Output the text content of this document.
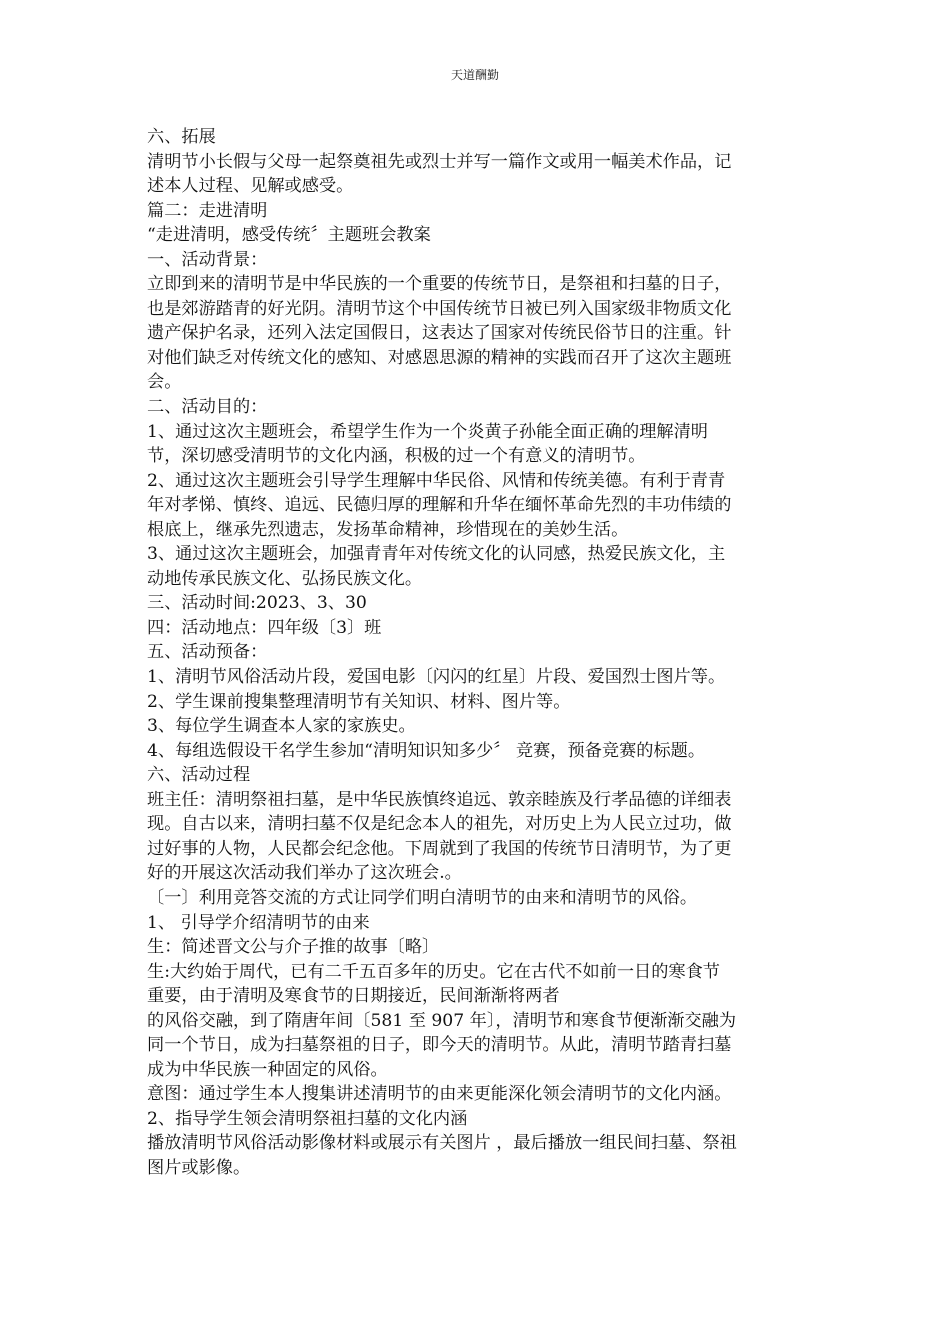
天道酬勤
六、拓展
清明节小长假与父母一起祭奠祖先或烈士并写一篇作文或用一幅美术作品，记
述本人过程、见解或感受。
篇二：走进清明
“走进清明，感受传统〞主题班会教案
一、活动背景：
立即到来的清明节是中华民族的一个重要的传统节日，是祭祖和扫墓的日子，
也是郊游踏青的好光阴。清明节这个中国传统节日被已列入国家级非物质文化
遗产保护名录，还列入法定国假日，这表达了国家对传统民俗节日的注重。针
对他们缺乏对传统文化的感知、对感恩思源的精神的实践而召开了这次主题班
会。
二、活动目的：
1、通过这次主题班会，希望学生作为一个炎黄子孙能全面正确的理解清明
节，深切感受清明节的文化内涵，积极的过一个有意义的清明节。
2、通过这次主题班会引导学生理解中华民俗、风情和传统美德。有利于青青
年对孝悌、慎终、追远、民德归厚的理解和升华在缅怀革命先烈的丰功伟绩的
根底上，继承先烈遗志，发扬革命精神，珍惜现在的美妙生活。
3、通过这次主题班会，加强青青年对传统文化的认同感，热爱民族文化，主
动地传承民族文化、弘扬民族文化。
三、活动时间:2023、3、30
四：活动地点：四年级〔3〕班
五、活动预备：
1、清明节风俗活动片段，爱国电影〔闪闪的红星〕片段、爱国烈士图片等。
2、学生课前搜集整理清明节有关知识、材料、图片等。
3、每位学生调查本人家的家族史。
4、每组选假设干名学生参加“清明知识知多少〞 竞赛，预备竞赛的标题。
六、活动过程
班主任：清明祭祖扫墓，是中华民族慎终追远、敦亲睦族及行孝品德的详细表
现。自古以来，清明扫墓不仅是纪念本人的祖先，对历史上为人民立过功，做
过好事的人物，人民都会纪念他。下周就到了我国的传统节日清明节，为了更
好的开展这次活动我们举办了这次班会.。
〔一〕利用竞答交流的方式让同学们明白清明节的由来和清明节的风俗。
1、 引导学介绍清明节的由来
生：简述晋文公与介子推的故事〔略〕
生:大约始于周代，已有二千五百多年的历史。它在古代不如前一日的寒食节
重要，由于清明及寒食节的日期接近，民间渐渐将两者
的风俗交融，到了隋唐年间〔581 至 907 年〕，清明节和寒食节便渐渐交融为
同一个节日，成为扫墓祭祖的日子，即今天的清明节。从此，清明节踏青扫墓
成为中华民族一种固定的风俗。
意图：通过学生本人搜集讲述清明节的由来更能深化领会清明节的文化内涵。
2、指导学生领会清明祭祖扫墓的文化内涵
播放清明节风俗活动影像材料或展示有关图片 ，最后播放一组民间扫墓、祭祖
图片或影像。
